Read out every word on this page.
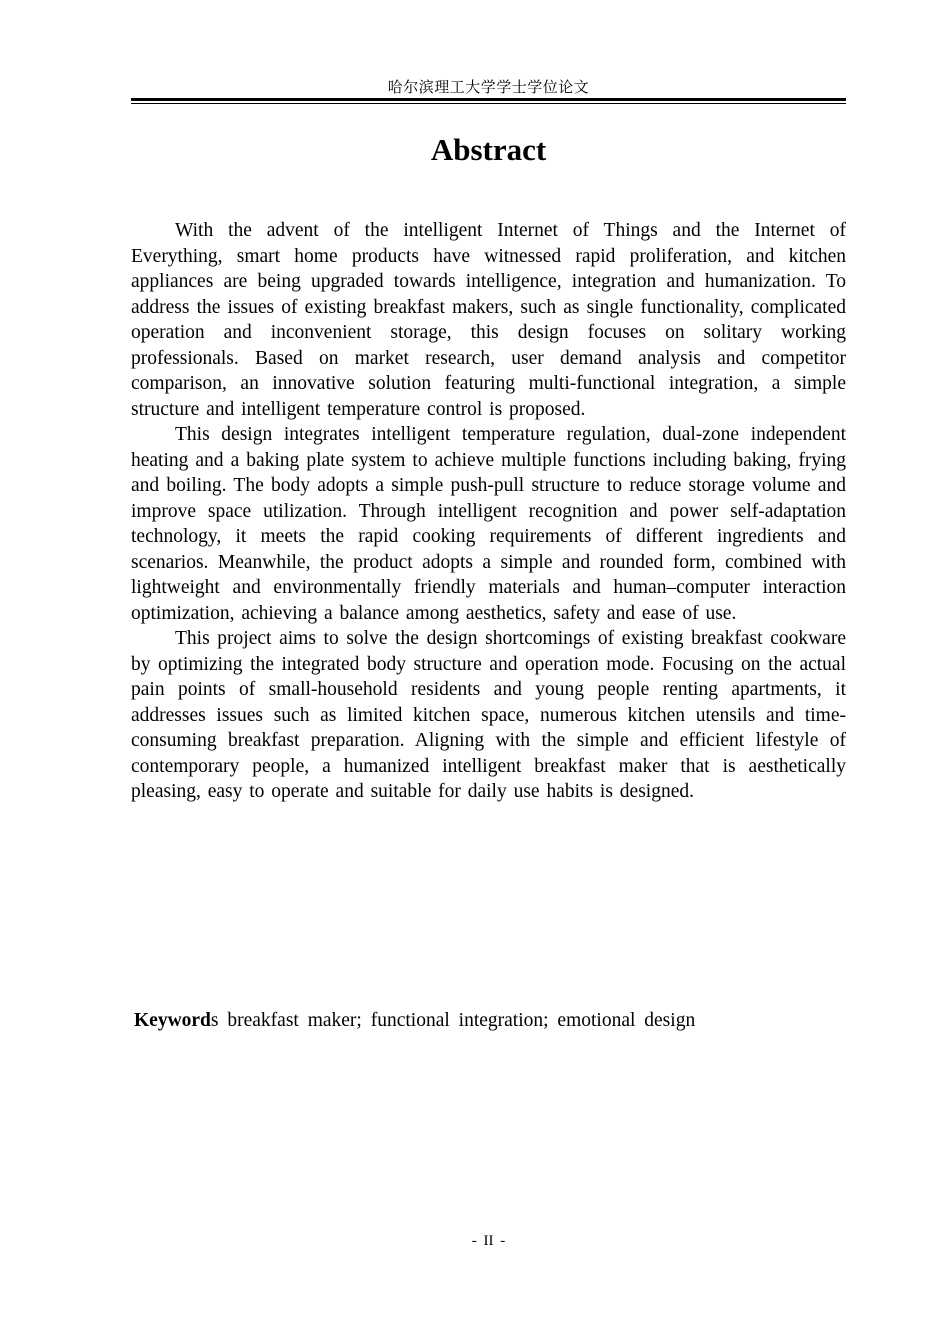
哈尔滨理工大学学士学位论文
Abstract

With the advent of the intelligent Internet of Things and the Internet of Everything, smart home products have witnessed rapid proliferation, and kitchen appliances are being upgraded towards intelligence, integration and humanization. To address the issues of existing breakfast makers, such as single functionality, complicated operation and inconvenient storage, this design focuses on solitary working professionals. Based on market research, user demand analysis and competitor comparison, an innovative solution featuring multi-functional integration, a simple structure and intelligent temperature control is proposed.

This design integrates intelligent temperature regulation, dual-zone independent heating and a baking plate system to achieve multiple functions including baking, frying and boiling. The body adopts a simple push-pull structure to reduce storage volume and improve space utilization. Through intelligent recognition and power self-adaptation technology, it meets the rapid cooking requirements of different ingredients and scenarios. Meanwhile, the product adopts a simple and rounded form, combined with lightweight and environmentally friendly materials and human–computer interaction optimization, achieving a balance among aesthetics, safety and ease of use.

This project aims to solve the design shortcomings of existing breakfast cookware by optimizing the integrated body structure and operation mode. Focusing on the actual pain points of small-household residents and young people renting apartments, it addresses issues such as limited kitchen space, numerous kitchen utensils and time-consuming breakfast preparation. Aligning with the simple and efficient lifestyle of contemporary people, a humanized intelligent breakfast maker that is aesthetically pleasing, easy to operate and suitable for daily use habits is designed.

Keywords breakfast maker; functional integration; emotional design
- II -
